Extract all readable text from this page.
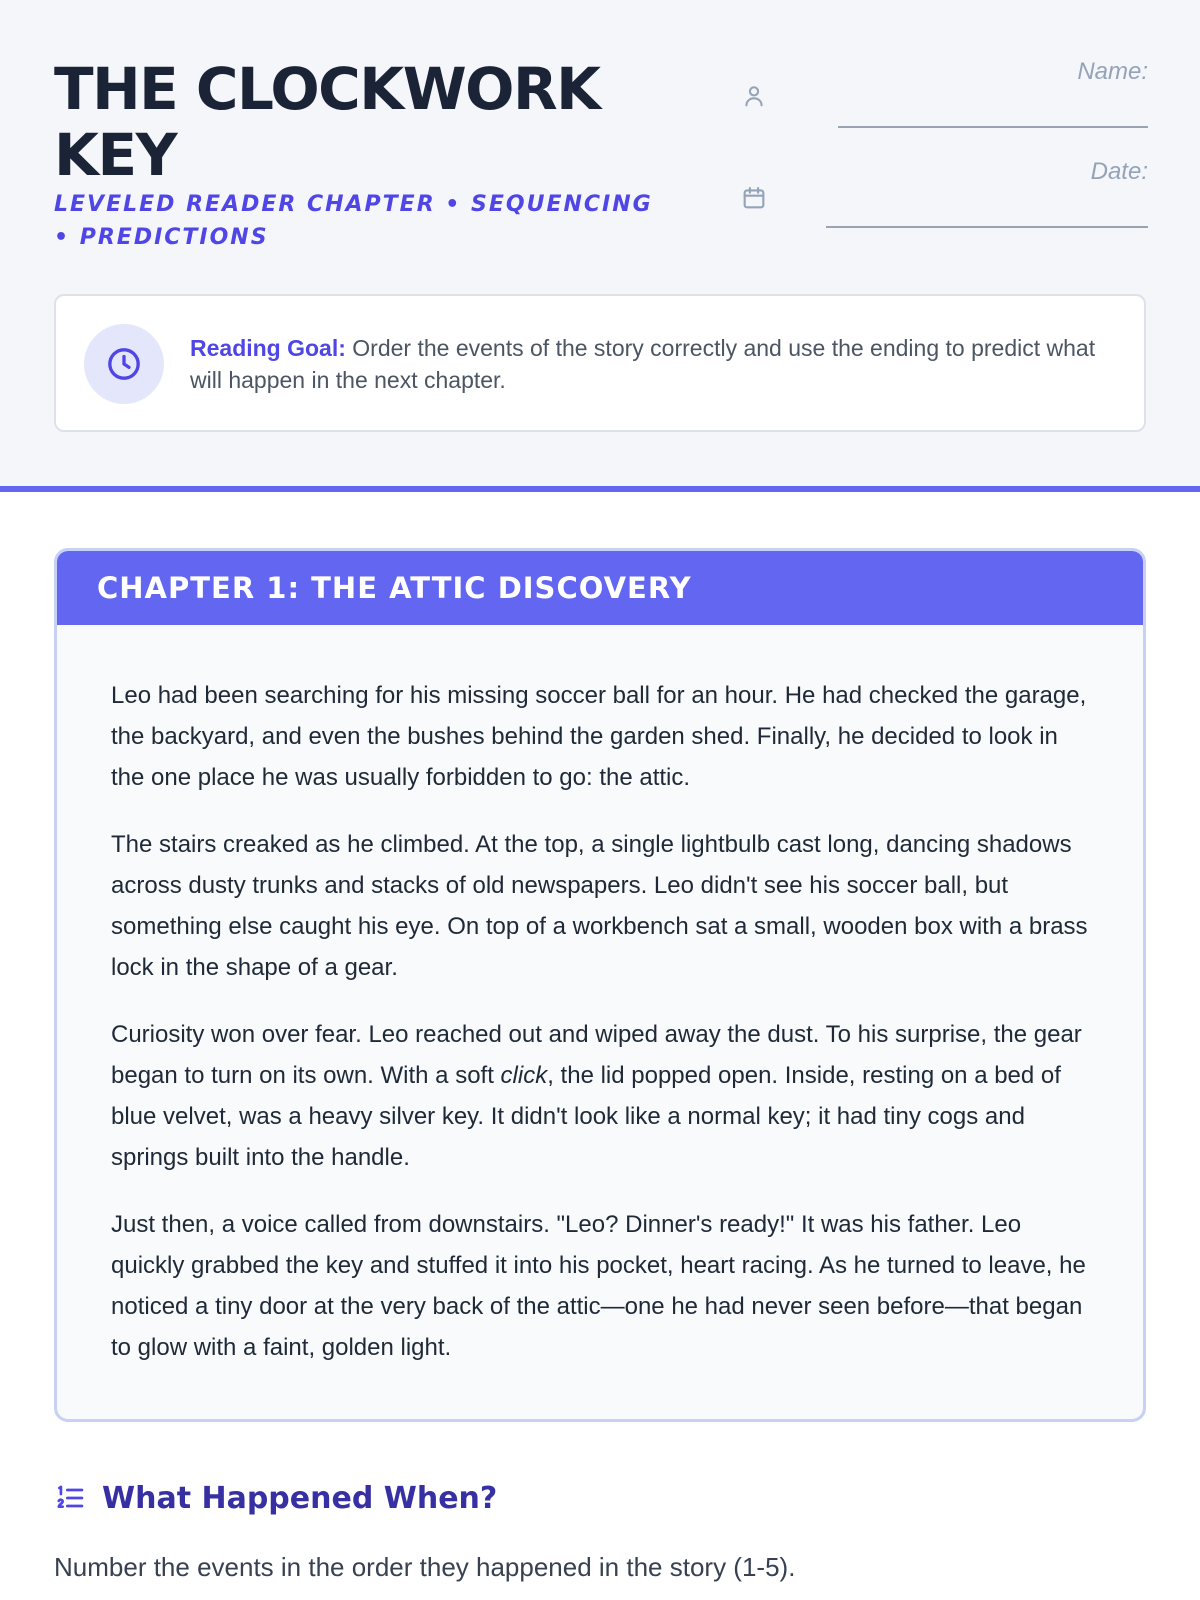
THE CLOCKWORK KEY
LEVELED READER CHAPTER • SEQUENCING • PREDICTIONS
Name:
Date:

Reading Goal: Order the events of the story correctly and use the ending to predict what will happen in the next chapter.

CHAPTER 1: THE ATTIC DISCOVERY

Leo had been searching for his missing soccer ball for an hour. He had checked the garage, the backyard, and even the bushes behind the garden shed. Finally, he decided to look in the one place he was usually forbidden to go: the attic.

The stairs creaked as he climbed. At the top, a single lightbulb cast long, dancing shadows across dusty trunks and stacks of old newspapers. Leo didn't see his soccer ball, but something else caught his eye. On top of a workbench sat a small, wooden box with a brass lock in the shape of a gear.

Curiosity won over fear. Leo reached out and wiped away the dust. To his surprise, the gear began to turn on its own. With a soft click, the lid popped open. Inside, resting on a bed of blue velvet, was a heavy silver key. It didn't look like a normal key; it had tiny cogs and springs built into the handle.

Just then, a voice called from downstairs. "Leo? Dinner's ready!" It was his father. Leo quickly grabbed the key and stuffed it into his pocket, heart racing. As he turned to leave, he noticed a tiny door at the very back of the attic—one he had never seen before—that began to glow with a faint, golden light.

What Happened When?

Number the events in the order they happened in the story (1-5).
